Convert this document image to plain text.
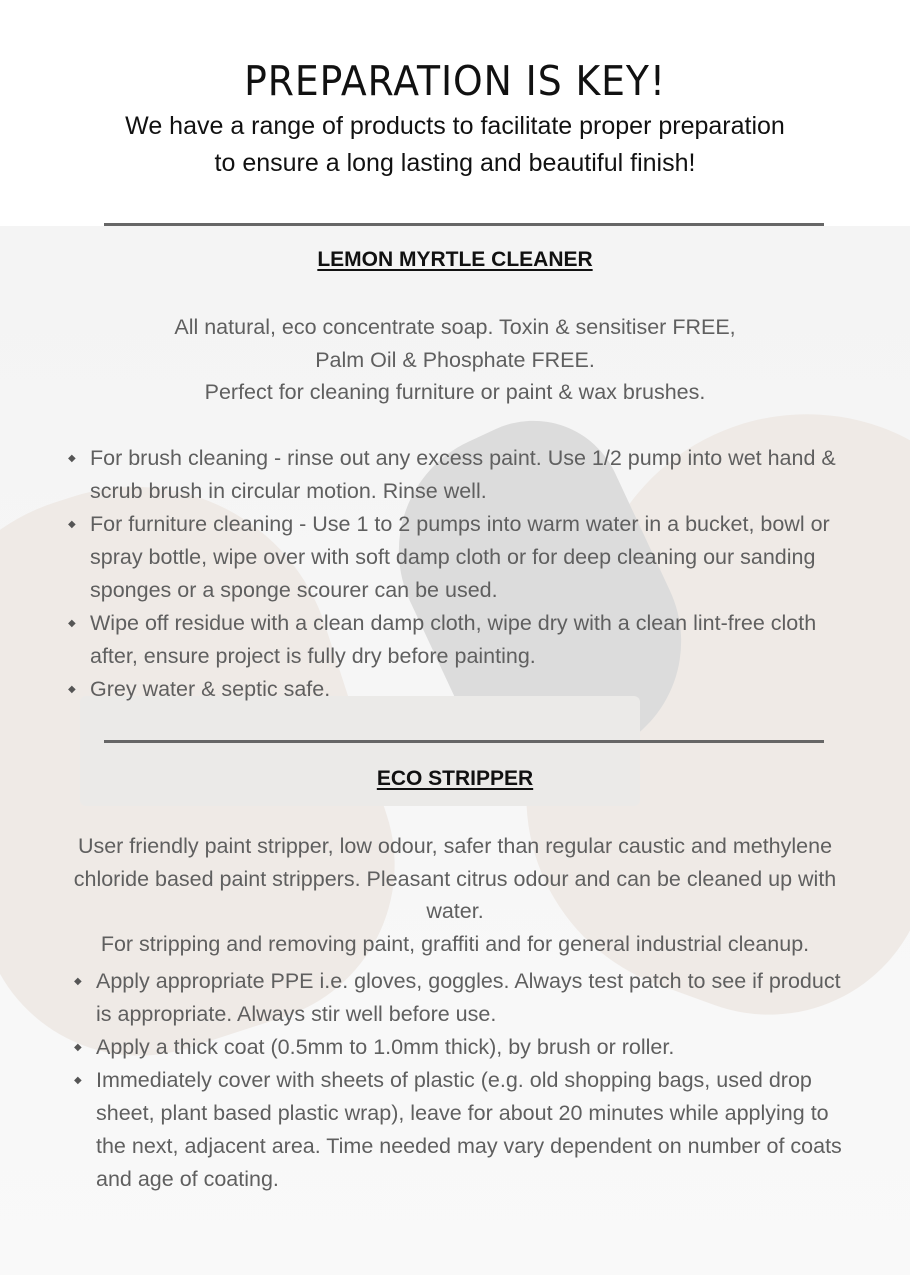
PREPARATION IS KEY!
We have a range of products to facilitate proper preparation
to ensure a long lasting and beautiful finish!
LEMON MYRTLE CLEANER
All natural, eco concentrate soap. Toxin & sensitiser FREE,
Palm Oil & Phosphate FREE.
Perfect for cleaning furniture or paint & wax brushes.
◆ For brush cleaning - rinse out any excess paint. Use 1/2 pump into wet hand & scrub brush in circular motion. Rinse well.
◆ For furniture cleaning - Use 1 to 2 pumps into warm water in a bucket, bowl or spray bottle, wipe over with soft damp cloth or for deep cleaning our sanding sponges or a sponge scourer can be used.
◆ Wipe off residue with a clean damp cloth, wipe dry with a clean lint-free cloth after, ensure project is fully dry before painting.
◆ Grey water & septic safe.
ECO STRIPPER
User friendly paint stripper, low odour, safer than regular caustic and methylene chloride based paint strippers. Pleasant citrus odour and can be cleaned up with water.
For stripping and removing paint, graffiti and for general industrial cleanup.
◆ Apply appropriate PPE i.e. gloves, goggles. Always test patch to see if product is appropriate. Always stir well before use.
◆ Apply a thick coat (0.5mm to 1.0mm thick), by brush or roller.
◆ Immediately cover with sheets of plastic (e.g. old shopping bags, used drop sheet, plant based plastic wrap), leave for about 20 minutes while applying to the next, adjacent area. Time needed may vary dependent on number of coats and age of coating.
